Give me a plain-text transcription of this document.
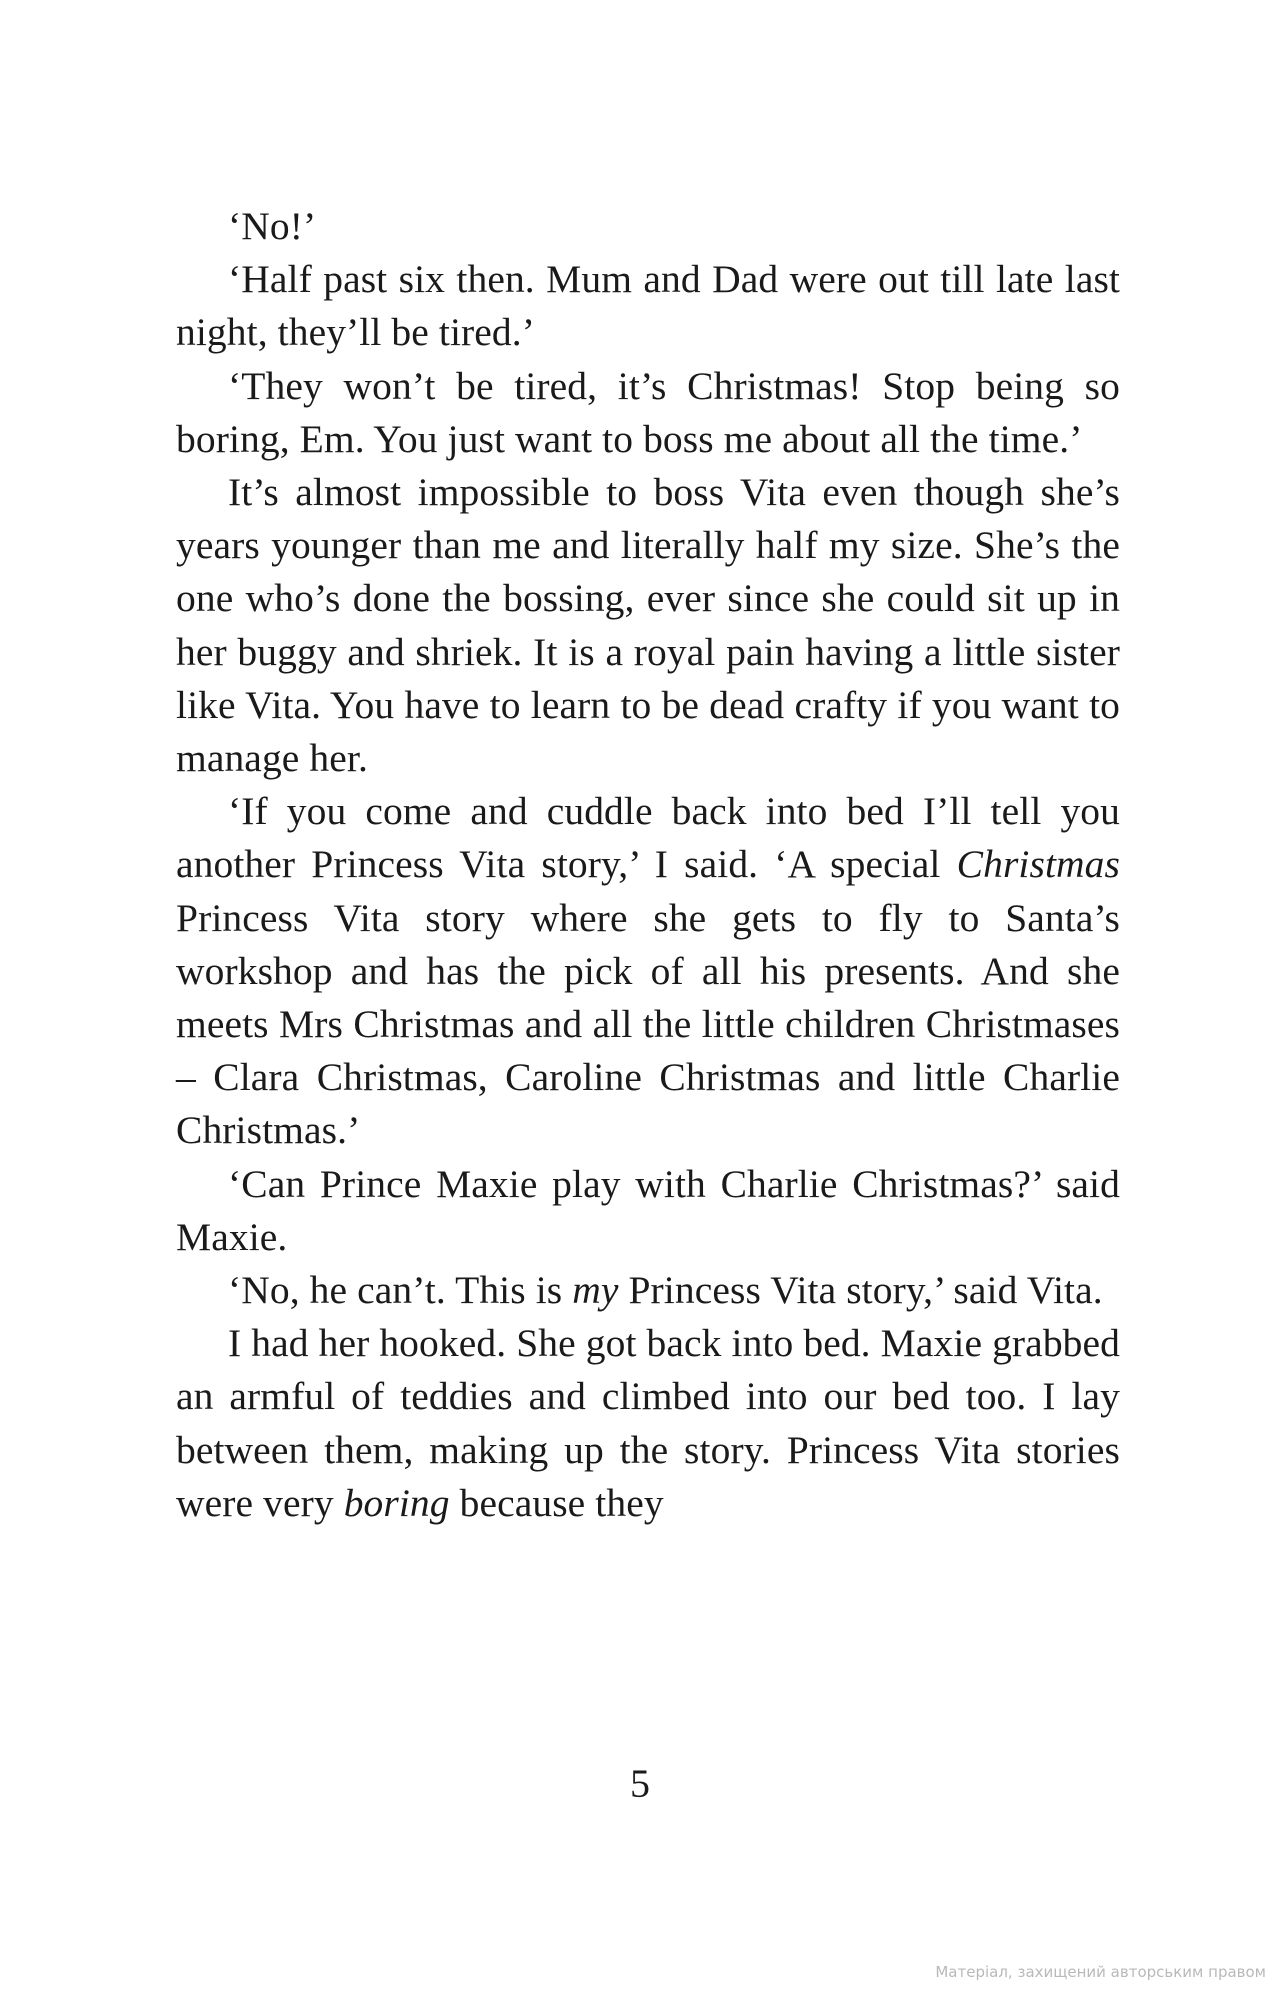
‘No!’

‘Half past six then. Mum and Dad were out till late last night, they’ll be tired.’

‘They won’t be tired, it’s Christmas! Stop being so boring, Em. You just want to boss me about all the time.’

It’s almost impossible to boss Vita even though she’s years younger than me and literally half my size. She’s the one who’s done the bossing, ever since she could sit up in her buggy and shriek. It is a royal pain having a little sister like Vita. You have to learn to be dead crafty if you want to manage her.

‘If you come and cuddle back into bed I’ll tell you another Princess Vita story,’ I said. ‘A special Christmas Princess Vita story where she gets to fly to Santa’s workshop and has the pick of all his presents. And she meets Mrs Christmas and all the little children Christmases – Clara Christmas, Caroline Christmas and little Charlie Christmas.’

‘Can Prince Maxie play with Charlie Christmas?’ said Maxie.

‘No, he can’t. This is my Princess Vita story,’ said Vita.

I had her hooked. She got back into bed. Maxie grabbed an armful of teddies and climbed into our bed too. I lay between them, making up the story. Princess Vita stories were very boring because they

5
Матеріал, захищений авторським правом
